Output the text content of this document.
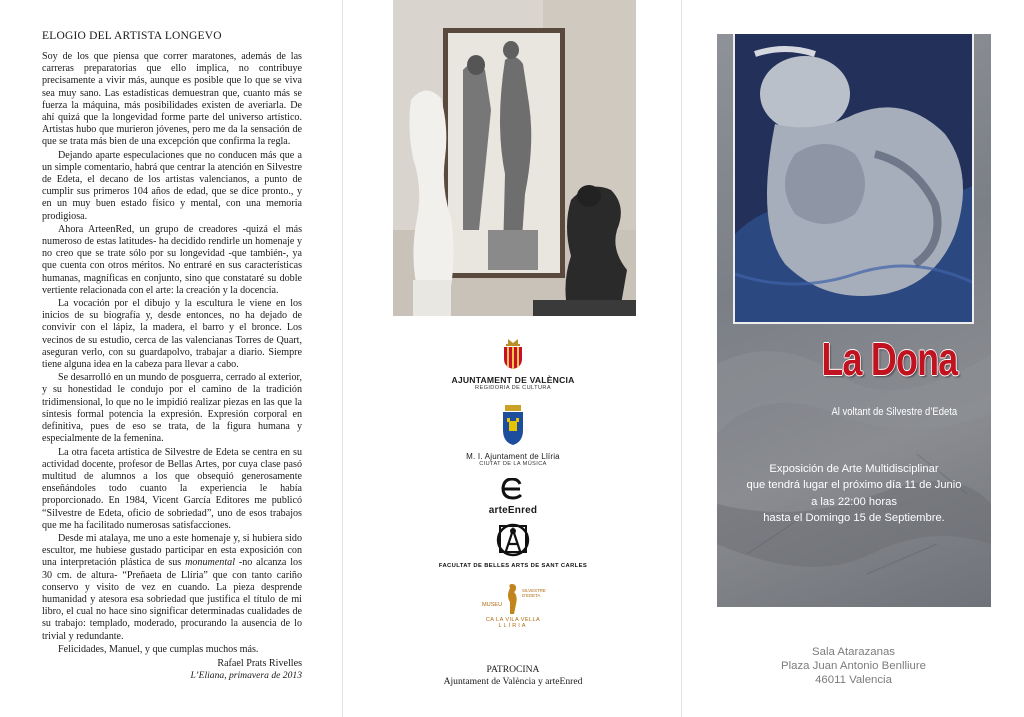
ELOGIO DEL ARTISTA LONGEVO

Soy de los que piensa que correr maratones, además de las carreras preparatorias que ello implica, no contribuye precisamente a vivir más, aunque es posible que lo que se viva sea muy sano. Las estadísticas demuestran que, cuanto más se fuerza la máquina, más posibilidades existen de averiarla. De ahí quizá que la longevidad forme parte del universo artístico. Artistas hubo que murieron jóvenes, pero me da la sensación de que se trata más bien de una excepción que confirma la regla.

Dejando aparte especulaciones que no conducen más que a un simple comentario, habrá que centrar la atención en Silvestre de Edeta, el decano de los artistas valencianos, a punto de cumplir sus primeros 104 años de edad, que se dice pronto., y en un muy buen estado físico y mental, con una memoria prodigiosa.

Ahora ArteenRed, un grupo de creadores -quizá el más numeroso de estas latitudes- ha decidido rendirle un homenaje y no creo que se trate sólo por su longevidad -que también-, ya que cuenta con otros méritos. No entraré en sus características humanas, magníficas en conjunto, sino que constataré su doble vertiente relacionada con el arte: la creación y la docencia.

La vocación por el dibujo y la escultura le viene en los inicios de su biografía y, desde entonces, no ha dejado de convivir con el lápiz, la madera, el barro y el bronce. Los vecinos de su estudio, cerca de las valencianas Torres de Quart, aseguran verlo, con su guardapolvo, trabajar a diario. Siempre tiene alguna idea en la cabeza para llevar a cabo.

Se desarrolló en un mundo de posguerra, cerrado al exterior, y su honestidad le condujo por el camino de la tradición tridimensional, lo que no le impidió realizar piezas en las que la síntesis formal potencia la expresión. Expresión corporal en definitiva, pues de eso se trata, de la figura humana y especialmente de la femenina.

La otra faceta artística de Silvestre de Edeta se centra en su actividad docente, profesor de Bellas Artes, por cuya clase pasó multitud de alumnos a los que obsequió generosamente enseñándoles todo cuanto la experiencia le había proporcionado. En 1984, Vicent García Editores me publicó “Silvestre de Edeta, oficio de sobriedad”, uno de esos trabajos que me ha facilitado numerosas satisfacciones.

Desde mi atalaya, me uno a este homenaje y, si hubiera sido escultor, me hubiese gustado participar en esta exposición con una interpretación plástica de sus monumental -no alcanza los 30 cm. de altura- “Preñaeta de Llíria” que con tanto cariño conservo y visito de vez en cuando. La pieza desprende humanidad y atesora esa sobriedad que justifica el título de mi libro, el cual no hace sino significar determinadas cualidades de su trabajo: templado, moderado, procurando la ausencia de lo trivial y redundante.

Felicidades, Manuel, y que cumplas muchos más.

Rafael Prats Rivelles
L’Eliana, primavera de 2013
AJUNTAMENT DE VALÈNCIA
REGIDORIA DE CULTURA
M. I. Ajuntament de Llíria
CIUTAT DE LA MÚSICA
arteEnred
FACULTAT DE BELLES ARTS DE SANT CARLES
MUSEU
SILVESTRE
D'EDETA
CA LA VILA VELLA
LLÍRIA
PATROCINA
Ajuntament de València y arteEnred
La Dona
Al voltant de Silvestre d’Edeta
Exposición de Arte Multidisciplinar
que tendrá lugar el próximo día 11 de Junio
a las 22:00 horas
hasta el Domingo 15 de Septiembre.
Sala Atarazanas
Plaza Juan Antonio Benlliure
46011 Valencia
